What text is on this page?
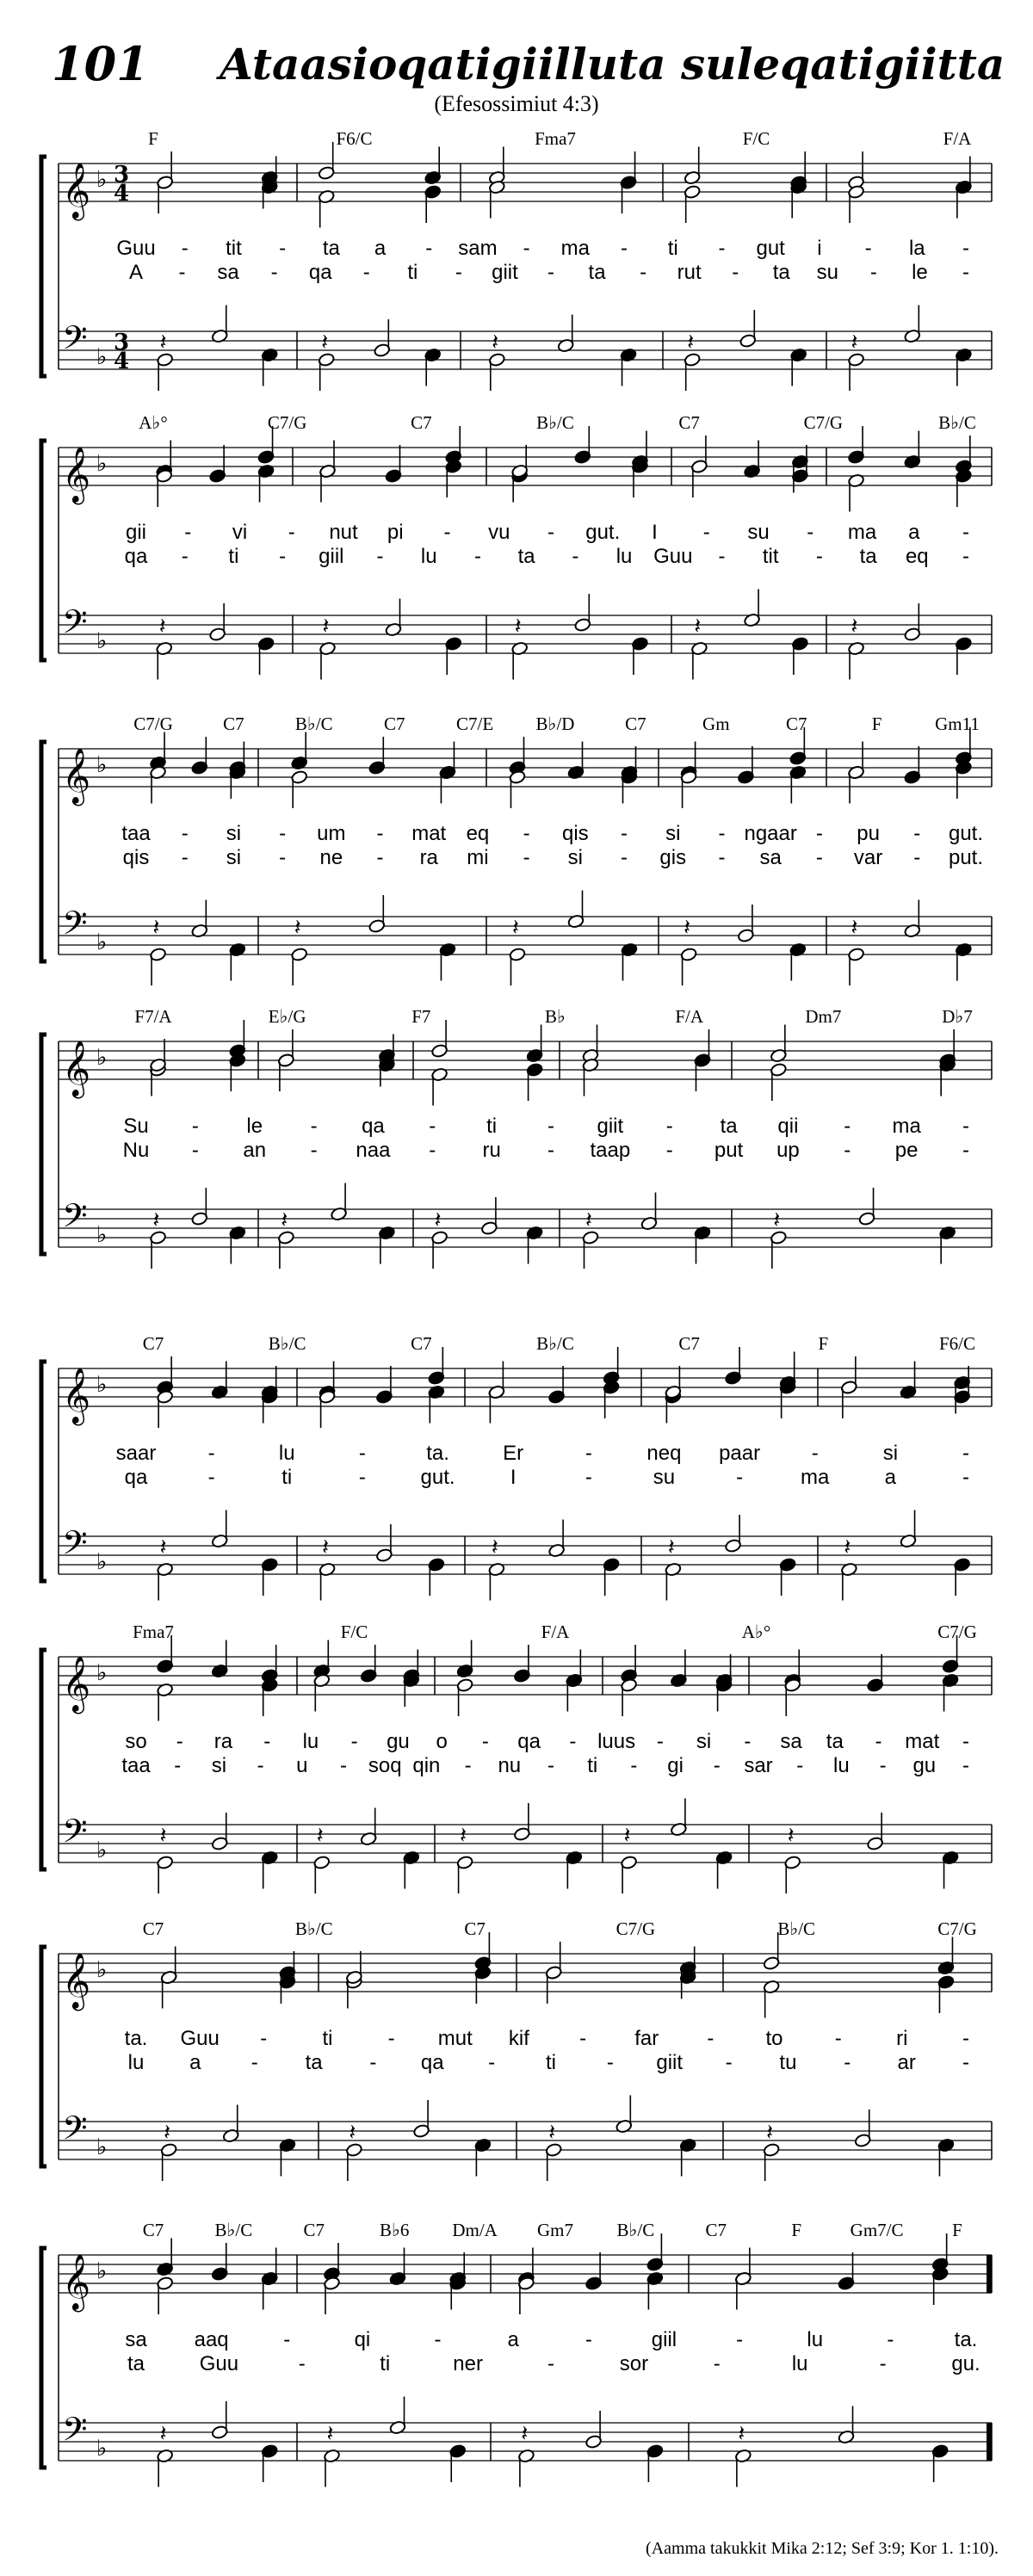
101 Ataasioqatigiilluta suleqatigiitta
(Efesossimiut 4:3)
𝄞
𝄢
♭
♭
3
4
3
4
𝄽	𝄽	𝄽	𝄽	𝄽
F	F6/C	Fma7	F/C	F/A
Guu - tit - ta a - sam - ma - ti - gut i - la -
A - sa - qa - ti - giit - ta - rut - ta su - le -
𝄞
𝄢
♭
♭
𝄽	𝄽	𝄽	𝄽	𝄽
A♭°	C7/G	C7	B♭/C	C7	C7/G	B♭/C
gii - vi - nut pi - vu - gut. I - su - ma a -
qa - ti - giil - lu - ta - lu Guu - tit - ta eq -
𝄞
𝄢
♭
♭
𝄽	𝄽	𝄽	𝄽	𝄽
C7/G	C7	B♭/C	C7	C7/E B♭/D	C7	Gm	C7	F	Gm11
taa - si - um - mat eq - qis - si - ngaar - pu - gut.
qis - si - ne - ra mi - si - gis - sa - var - put.
𝄞
𝄢
♭
♭
𝄽	𝄽	𝄽	𝄽	𝄽
F7/A	E♭/G	F7	B♭	F/A	Dm7	D♭7
Su - le - qa - ti - giit - ta qii - ma -
Nu - an - naa - ru - taap - put up - pe -
𝄞
𝄢
♭
♭
𝄽	𝄽	𝄽	𝄽	𝄽
C7	B♭/C	C7	B♭/C	C7	F	F6/C
saar	-	lu	-	ta.	Er	-	neq paar -	si	-
qa	-	ti	-	gut.	I	-	su	-	ma	a	-
𝄞
𝄢
♭
♭
𝄽	𝄽	𝄽	𝄽	𝄽
Fma7	F/C	F/A	A♭°	C7/G
so - ra - lu - gu o - qa - luus - si - sa ta - mat -
taa - si - u - soq qin - nu - ti - gi - sar - lu - gu -
𝄞
𝄢
♭
♭
𝄽	𝄽	𝄽	𝄽
C7	B♭/C	C7	C7/G	B♭/C	C7/G
ta. Guu -	ti	- mut kif - far -	to	-	ri	-
lu a - ta - qa - ti - giit - tu - ar -
𝄞
𝄢
♭
♭
𝄽	𝄽	𝄽	𝄽
C7	B♭/C	C7	B♭6 Dm/A Gm7 B♭/C	C7	F	Gm7/C	F
sa aaq	-	qi	-	a	-	giil	-	lu	-	ta.
ta	Guu	-	ti	ner	-	sor	-	lu	-	gu.
(Aamma takukkit Mika 2:12; Sef 3:9; Kor 1. 1:10).
